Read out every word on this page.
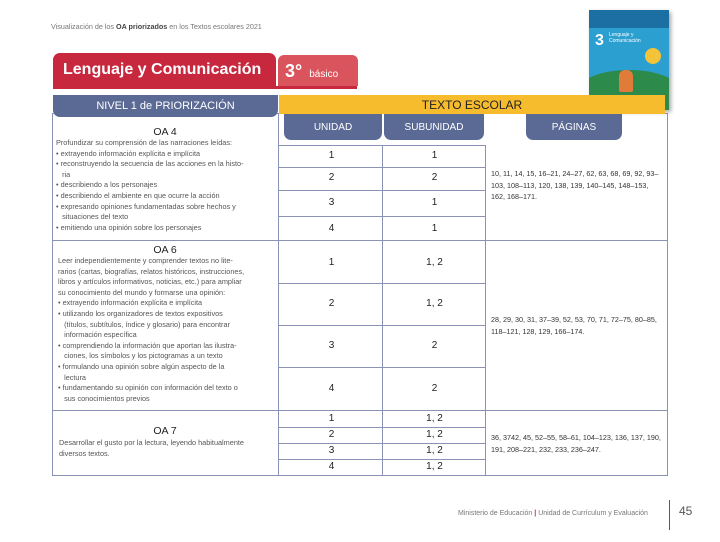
Visualización de los OA priorizados en los Textos escolares 2021
3 Lenguaje y Comunicación
Lenguaje y Comunicación 3° básico
NIVEL 1 de PRIORIZACIÓN	TEXTO ESCOLAR
UNIDAD	SUBUNIDAD	PÁGINAS
OA 4
Profundizar su comprensión de las narraciones leídas:
• extrayendo información explícita e implícita
• reconstruyendo la secuencia de las acciones en la histo-
ria
• describiendo a los personajes
• describiendo el ambiente en que ocurre la acción
• expresando opiniones fundamentadas sobre hechos y
situaciones del texto
• emitiendo una opinión sobre los personajes
1	1
2	2
3	1
4	1
10, 11, 14, 15, 16–21, 24–27, 62, 63, 68, 69, 92, 93–103, 108–113, 120, 138, 139, 140–145, 148–153, 162, 168–171.
OA 6
Leer independientemente y comprender textos no lite-
rarios (cartas, biografías, relatos históricos, instrucciones,
libros y artículos informativos, noticias, etc.) para ampliar
su conocimiento del mundo y formarse una opinión:
• extrayendo información explícita e implícita
• utilizando los organizadores de textos expositivos
(títulos, subtítulos, índice y glosario) para encontrar
información específica
• comprendiendo la información que aportan las ilustra-
ciones, los símbolos y los pictogramas a un texto
• formulando una opinión sobre algún aspecto de la
lectura
• fundamentando su opinión con información del texto o
sus conocimientos previos
1	1, 2
2	1, 2
3	2
4	2
28, 29, 30, 31, 37–39, 52, 53, 70, 71, 72–75, 80–85, 118–121, 128, 129, 166–174.
OA 7
Desarrollar el gusto por la lectura, leyendo habitualmente
diversos textos.
1	1, 2
2	1, 2
3	1, 2
4	1, 2
36, 3742, 45, 52–55, 58–61, 104–123, 136, 137, 190, 191, 208–221, 232, 233, 236–247.
Ministerio de Educación | Unidad de Currículum y Evaluación	45
